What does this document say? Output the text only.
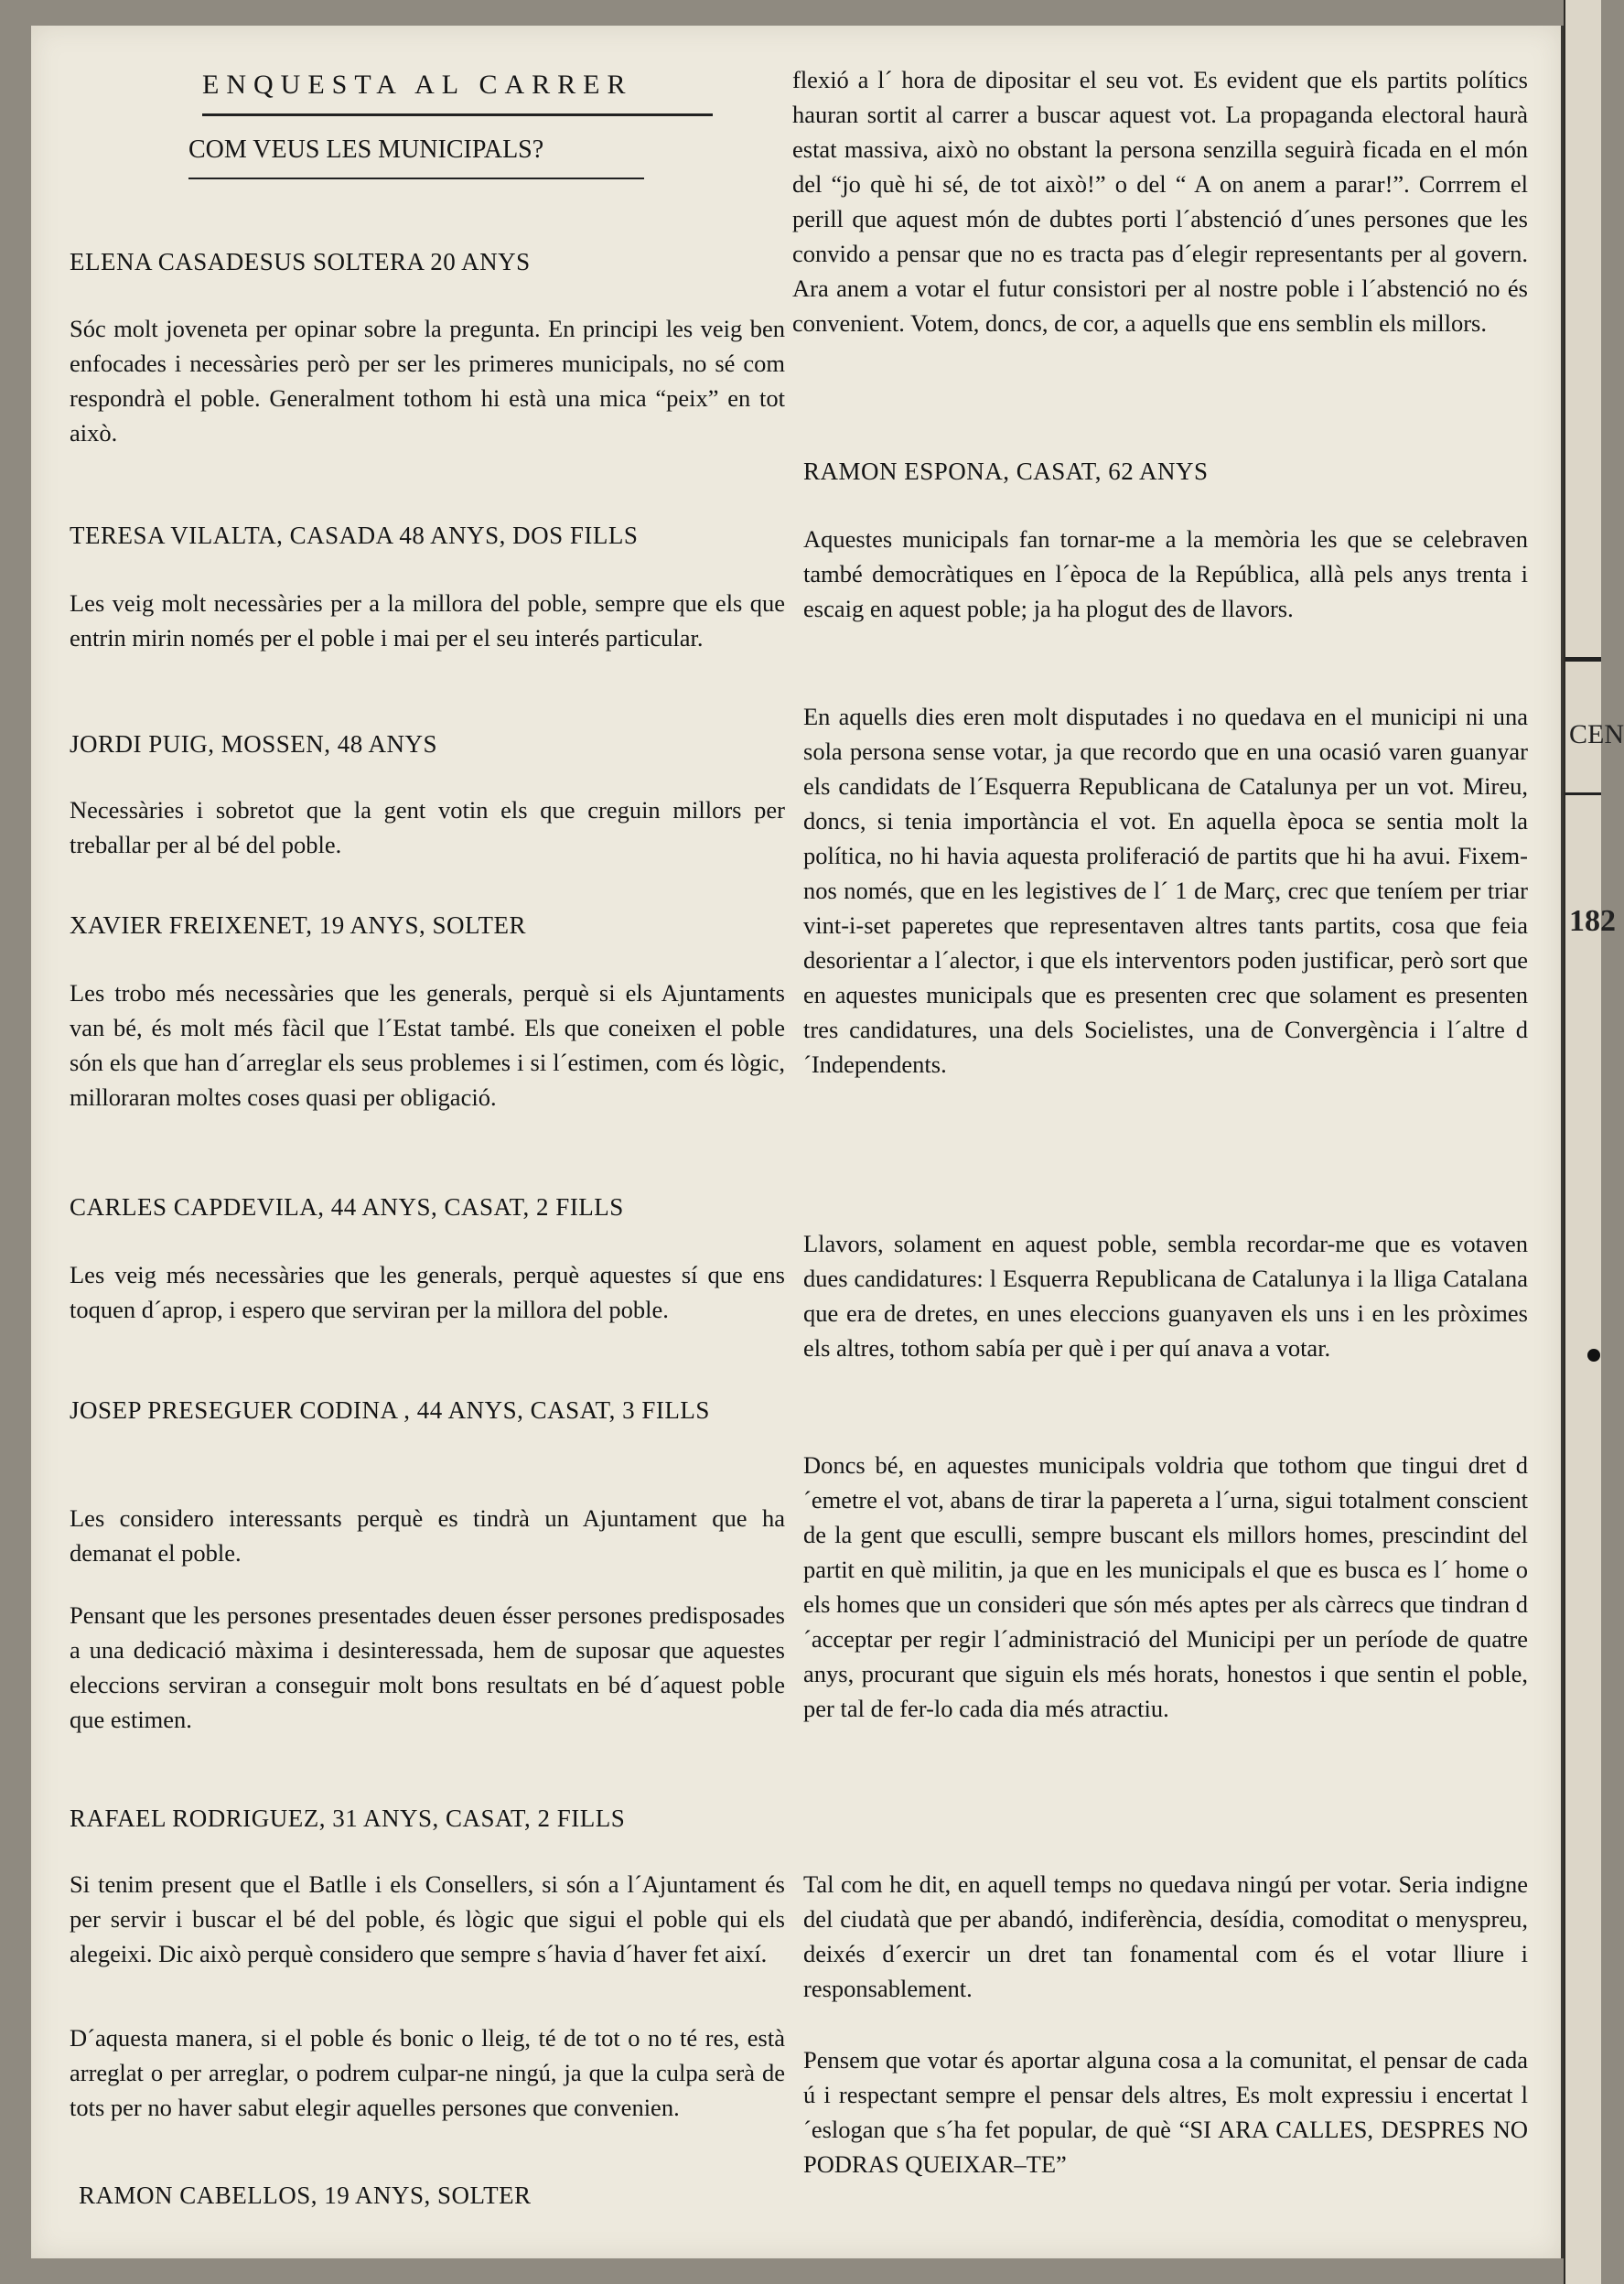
ENQUESTA AL CARRER
COM VEUS LES MUNICIPALS?
ELENA CASADESUS SOLTERA 20 ANYS

Sóc molt joveneta per opinar sobre la pregunta. En principi les veig ben enfocades i necessàries però per ser les primeres municipals, no sé com respondrà el poble. Generalment tothom hi està una mica “peix” en tot això.

TERESA VILALTA, CASADA 48 ANYS, DOS FILLS

Les veig molt necessàries per a la millora del poble, sempre que els que entrin mirin només per el poble i mai per el seu interés particular.

JORDI PUIG, MOSSEN, 48 ANYS

Necessàries i sobretot que la gent votin els que creguin millors per treballar per al bé del poble.

XAVIER FREIXENET, 19 ANYS, SOLTER

Les trobo més necessàries que les generals, perquè si els Ajuntaments van bé, és molt més fàcil que l´Estat també. Els que coneixen el poble són els que han d´arreglar els seus problemes i si l´estimen, com és lògic, millorаran moltes coses quasi per obligació.

CARLES CAPDEVILA, 44 ANYS, CASAT, 2 FILLS

Les veig més necessàries que les generals, perquè aquestes sí que ens toquen d´aprop, i espero que serviran per la millora del poble.

JOSEP PRESEGUER CODINA , 44 ANYS, CASAT, 3 FILLS

Les considero interessants perquè es tindrà un Ajuntament que ha demanat el poble.

Pensant que les persones presentades deuen ésser persones predisposades a una dedicació màxima i desinteressada, hem de suposar que aquestes eleccions serviran a conseguir molt bons resultats en bé d´aquest poble que estimen.

RAFAEL RODRIGUEZ, 31 ANYS, CASAT, 2 FILLS

Si tenim present que el Batlle i els Consellers, si són a l´Ajuntament és per servir i buscar el bé del poble, és lògic que sigui el poble qui els alegeixi. Dic això perquè considero que sempre s´havia d´haver fet així.

D´aquesta manera, si el poble és bonic o lleig, té de tot o no té res, està arreglat o per arreglar, o podrem culpar-ne ningú, ja que la culpa serà de tots per no haver sabut elegir aquelles persones que convenien.

RAMON CABELLOS, 19 ANYS, SOLTER

flexió a l´ hora de dipositar el seu vot. Es evident que els partits polítics hauran sortit al carrer a buscar aquest vot. La propaganda electoral haurà estat massiva, això no obstant la persona senzilla seguirà ficada en el món del “jo què hi sé, de tot això!” o del “ A on anem a parar!”. Corrrem el perill que aquest món de dubtes porti l´abstenció d´unes persones que les convido a pensar que no es tracta pas d´elegir representants per al govern. Ara anem a votar el futur consistori per al nostre poble i l´abstenció no és convenient. Votem, doncs, de cor, a aquells que ens semblin els millors.

RAMON ESPONA, CASAT, 62 ANYS

Aquestes municipals fan tornar-me a la memòria les que se celebraven també democràtiques en l´època de la República, allà pels anys trenta i escaig en aquest poble; ja ha plogut des de llavors.

En aquells dies eren molt disputades i no quedava en el municipi ni una sola persona sense votar, ja que recordo que en una ocasió varen guanyar els candidats de l´Esquerra Republicana de Catalunya per un vot. Mireu, doncs, si tenia importància el vot. En aquella època se sentia molt la política, no hi havia aquesta proliferació de partits que hi ha avui. Fixem-nos només, que en les legistives de l´ 1 de Març, crec que teníem per triar vint-i-set paperetes que representaven altres tants partits, cosa que feia desorientar a l´alector, i que els interventors poden justificar, però sort que en aquestes municipals que es presenten crec que solament es presenten tres candidatures, una dels Socielistes, una de Convergència i l´altre d´Independents.

Llavors, solament en aquest poble, sembla recordar-me que es votaven dues candidatures: l Esquerra Republicana de Catalunya i la lliga Catalana que era de dretes, en unes eleccions guanyaven els uns i en les pròximes els altres, tothom sabía per què i per quí anava a votar.

Doncs bé, en aquestes municipals voldria que tothom que tingui dret d´emetre el vot, abans de tirar la papereta a l´urna, sigui totalment conscient de la gent que esculli, sempre buscant els millors homes, prescindint del partit en què militin, ja que en les municipals el que es busca es l´ home o els homes que un consideri que són més aptes per als càrrecs que tindran d´acceptar per regir l´administració del Municipi per un període de quatre anys, procurant que siguin els més horats, honestos i que sentin el poble, per tal de fer-lo cada dia més atractiu.

Tal com he dit, en aquell temps no quedava ningú per votar. Seria indigne del ciudatà que per abandó, indiferència, desídia, comoditat o menyspreu, deixés d´exercir un dret tan fonamental com és el votar lliure i responsablement.

Pensem que votar és aportar alguna cosa a la comunitat, el pensar de cada ú i respectant sempre el pensar dels altres, Es molt expressiu i encertat l´eslogan que s´ha fet popular, de què “SI ARA CALLES, DESPRES NO PODRAS QUEIXAR–TE”

CEN
182
